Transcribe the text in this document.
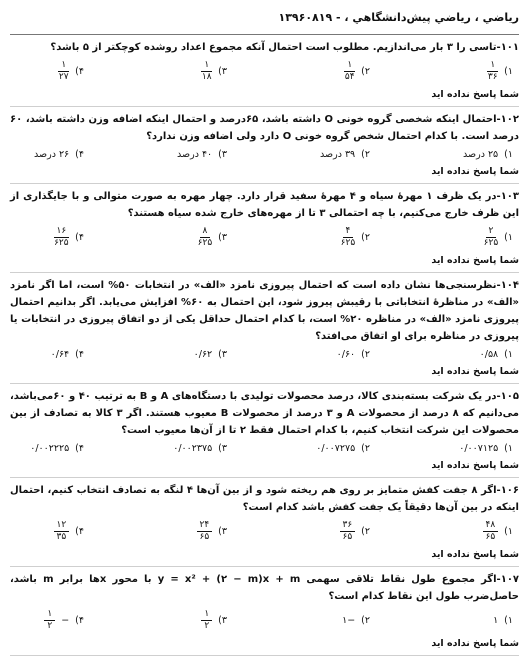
رياضي ، رياضي پيش‌دانشگاهي ، - ۱۳۹۶۰۸۱۹
۱۰۱-تاسی را ۳ بار می‌اندازیم. مطلوب است احتمال آنکه مجموع اعداد روشده کوچکتر از ۵ باشد؟
۱)
$\frac{۱}{۳۶}$
۲)
$\frac{۱}{۵۴}$
۳)
$\frac{۱}{۱۸}$
۴)
$\frac{۱}{۲۷}$
شما پاسخ نداده ايد
۱۰۲-احتمال اینکه شخصی گروه خونی O داشته باشد، ۶۵درصد و احتمال اینکه اضافه وزن داشته باشد، ۶۰ درصد است. با کدام احتمال شخص گروه خونی O دارد ولی اضافه وزن ندارد؟
۱)
۲۵ درصد
۲)
۳۹ درصد
۳)
۴۰ درصد
۴)
۲۶ درصد
شما پاسخ نداده ايد
۱۰۳-در یک ظرف ۱ مهرهٔ سیاه و ۴ مهرهٔ سفید قرار دارد. چهار مهره به صورت متوالی و با جایگذاری از این ظرف خارج می‌کنیم، با چه احتمالی ۳ تا از مهره‌های خارج شده سیاه هستند؟
۱)
$\frac{۲}{۶۲۵}$
۲)
$\frac{۴}{۶۲۵}$
۳)
$\frac{۸}{۶۲۵}$
۴)
$\frac{۱۶}{۶۲۵}$
شما پاسخ نداده ايد
۱۰۴-نظرسنجی‌ها نشان داده است که احتمال پیروزی نامزد «الف» در انتخابات ۵۰% است، اما اگر نامزد «الف» در مناظرهٔ انتخاباتی با رقیبش پیروز شود، این احتمال به ۶۰% افزایش می‌یابد. اگر بدانیم احتمال پیروزی نامزد «الف» در مناظره ۲۰% است، با کدام احتمال حداقل یکی از دو اتفاق پیروزی در انتخابات یا پیروزی در مناظره برای او اتفاق می‌افتد؟
۱)
۰/۵۸
۲)
۰/۶۰
۳)
۰/۶۲
۴)
۰/۶۴
شما پاسخ نداده ايد
۱۰۵-در یک شرکت بسته‌بندی کالا، درصد محصولات تولیدی با دستگاه‌های A و B به ترتیب ۴۰ و ۶۰می‌باشد، می‌دانیم که ۸ درصد از محصولات A و ۳ درصد از محصولات B معیوب هستند. اگر ۳ کالا به تصادف از بین محصولات این شرکت انتخاب کنیم، با کدام احتمال فقط ۲ تا از آن‌ها معیوب است؟
۱)
۰/۰۰۷۱۲۵
۲)
۰/۰۰۷۲۷۵
۳)
۰/۰۰۲۳۷۵
۴)
۰/۰۰۲۲۲۵
شما پاسخ نداده ايد
۱۰۶-اگر ۸ جفت کفش متمایز بر روی هم ریخته شود و از بین آن‌ها ۴ لنگه به تصادف انتخاب کنیم، احتمال اینکه در بین آن‌ها دقیقاً یک جفت کفش باشد کدام است؟
۱)
$\frac{۴۸}{۶۵}$
۲)
$\frac{۳۶}{۶۵}$
۳)
$\frac{۲۴}{۶۵}$
۴)
$\frac{۱۲}{۳۵}$
شما پاسخ نداده ايد
۱۰۷-اگر مجموع طول نقاط تلاقی سهمی y = x² + (۲ − m)x + m با محور xها برابر m باشد، حاصل‌ضرب طول این نقاط کدام است؟
۱)
۱
۲)
−۱
۳)
$\frac{۱}{۲}$
۴)
−
$\frac{۱}{۲}$
شما پاسخ نداده ايد
